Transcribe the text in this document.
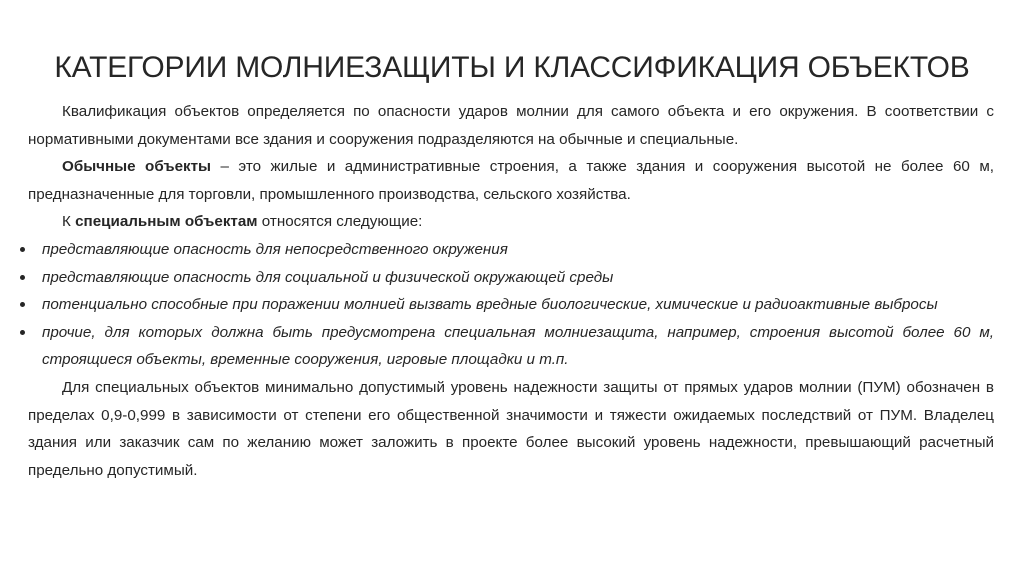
КАТЕГОРИИ МОЛНИЕЗАЩИТЫ И КЛАССИФИКАЦИЯ ОБЪЕКТОВ

Квалификация объектов определяется по опасности ударов молнии для самого объекта и его окружения. В соответствии с нормативными документами все здания и сооружения подразделяются на обычные и специальные.

Обычные объекты – это жилые и административные строения, а также здания и сооружения высотой не более 60 м, предназначенные для торговли, промышленного производства, сельского хозяйства.

К специальным объектам относятся следующие:

представляющие опасность для непосредственного окружения
представляющие опасность для социальной и физической окружающей среды
потенциально способные при поражении молнией вызвать вредные биологические, химические и радиоактивные выбросы
прочие, для которых должна быть предусмотрена специальная молниезащита, например, строения высотой более 60 м, строящиеся объекты, временные сооружения, игровые площадки и т.п.

Для специальных объектов минимально допустимый уровень надежности защиты от прямых ударов молнии (ПУМ) обозначен в пределах 0,9-0,999 в зависимости от степени его общественной значимости и тяжести ожидаемых последствий от ПУМ. Владелец здания или заказчик сам по желанию может заложить в проекте более высокий уровень надежности, превышающий расчетный предельно допустимый.
